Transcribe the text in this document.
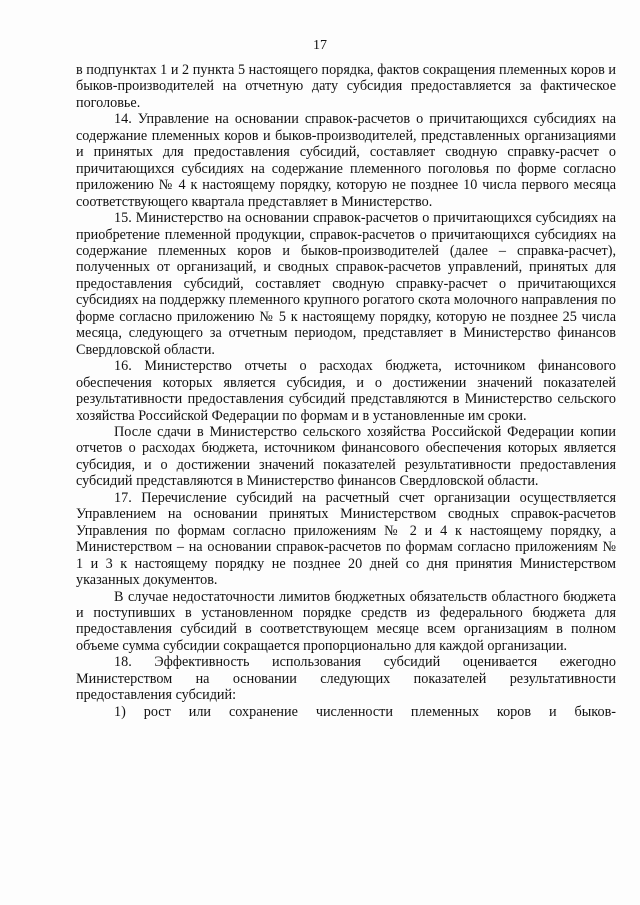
17

в подпунктах 1 и 2 пункта 5 настоящего порядка, фактов сокращения племенных коров и быков-производителей на отчетную дату субсидия предоставляется за фактическое поголовье.

14. Управление на основании справок-расчетов о причитающихся субсидиях на содержание племенных коров и быков-производителей, представленных организациями и принятых для предоставления субсидий, составляет сводную справку-расчет о причитающихся субсидиях на содержание племенного поголовья по форме согласно приложению № 4 к настоящему порядку, которую не позднее 10 числа первого месяца соответствующего квартала представляет в Министерство.

15. Министерство на основании справок-расчетов о причитающихся субсидиях на приобретение племенной продукции, справок-расчетов о причитающихся субсидиях на содержание племенных коров и быков-производителей (далее – справка-расчет), полученных от организаций, и сводных справок-расчетов управлений, принятых для предоставления субсидий, составляет сводную справку-расчет о причитающихся субсидиях на поддержку племенного крупного рогатого скота молочного направления по форме согласно приложению № 5 к настоящему порядку, которую не позднее 25 числа месяца, следующего за отчетным периодом, представляет в Министерство финансов Свердловской области.

16. Министерство отчеты о расходах бюджета, источником финансового обеспечения которых является субсидия, и о достижении значений показателей результативности предоставления субсидий представляются в Министерство сельского хозяйства Российской Федерации по формам и в установленные им сроки.

После сдачи в Министерство сельского хозяйства Российской Федерации копии отчетов о расходах бюджета, источником финансового обеспечения которых является субсидия, и о достижении значений показателей результативности предоставления субсидий представляются в Министерство финансов Свердловской области.

17. Перечисление субсидий на расчетный счет организации осуществляется Управлением на основании принятых Министерством сводных справок-расчетов Управления по формам согласно приложениям № 2 и 4 к настоящему порядку, а Министерством – на основании справок-расчетов по формам согласно приложениям № 1 и 3 к настоящему порядку не позднее 20 дней со дня принятия Министерством указанных документов.

В случае недостаточности лимитов бюджетных обязательств областного бюджета и поступивших в установленном порядке средств из федерального бюджета для предоставления субсидий в соответствующем месяце всем организациям в полном объеме сумма субсидии сокращается пропорционально для каждой организации.

18. Эффективность использования субсидий оценивается ежегодно Министерством на основании следующих показателей результативности предоставления субсидий:

1) рост или сохранение численности племенных коров и быков-
